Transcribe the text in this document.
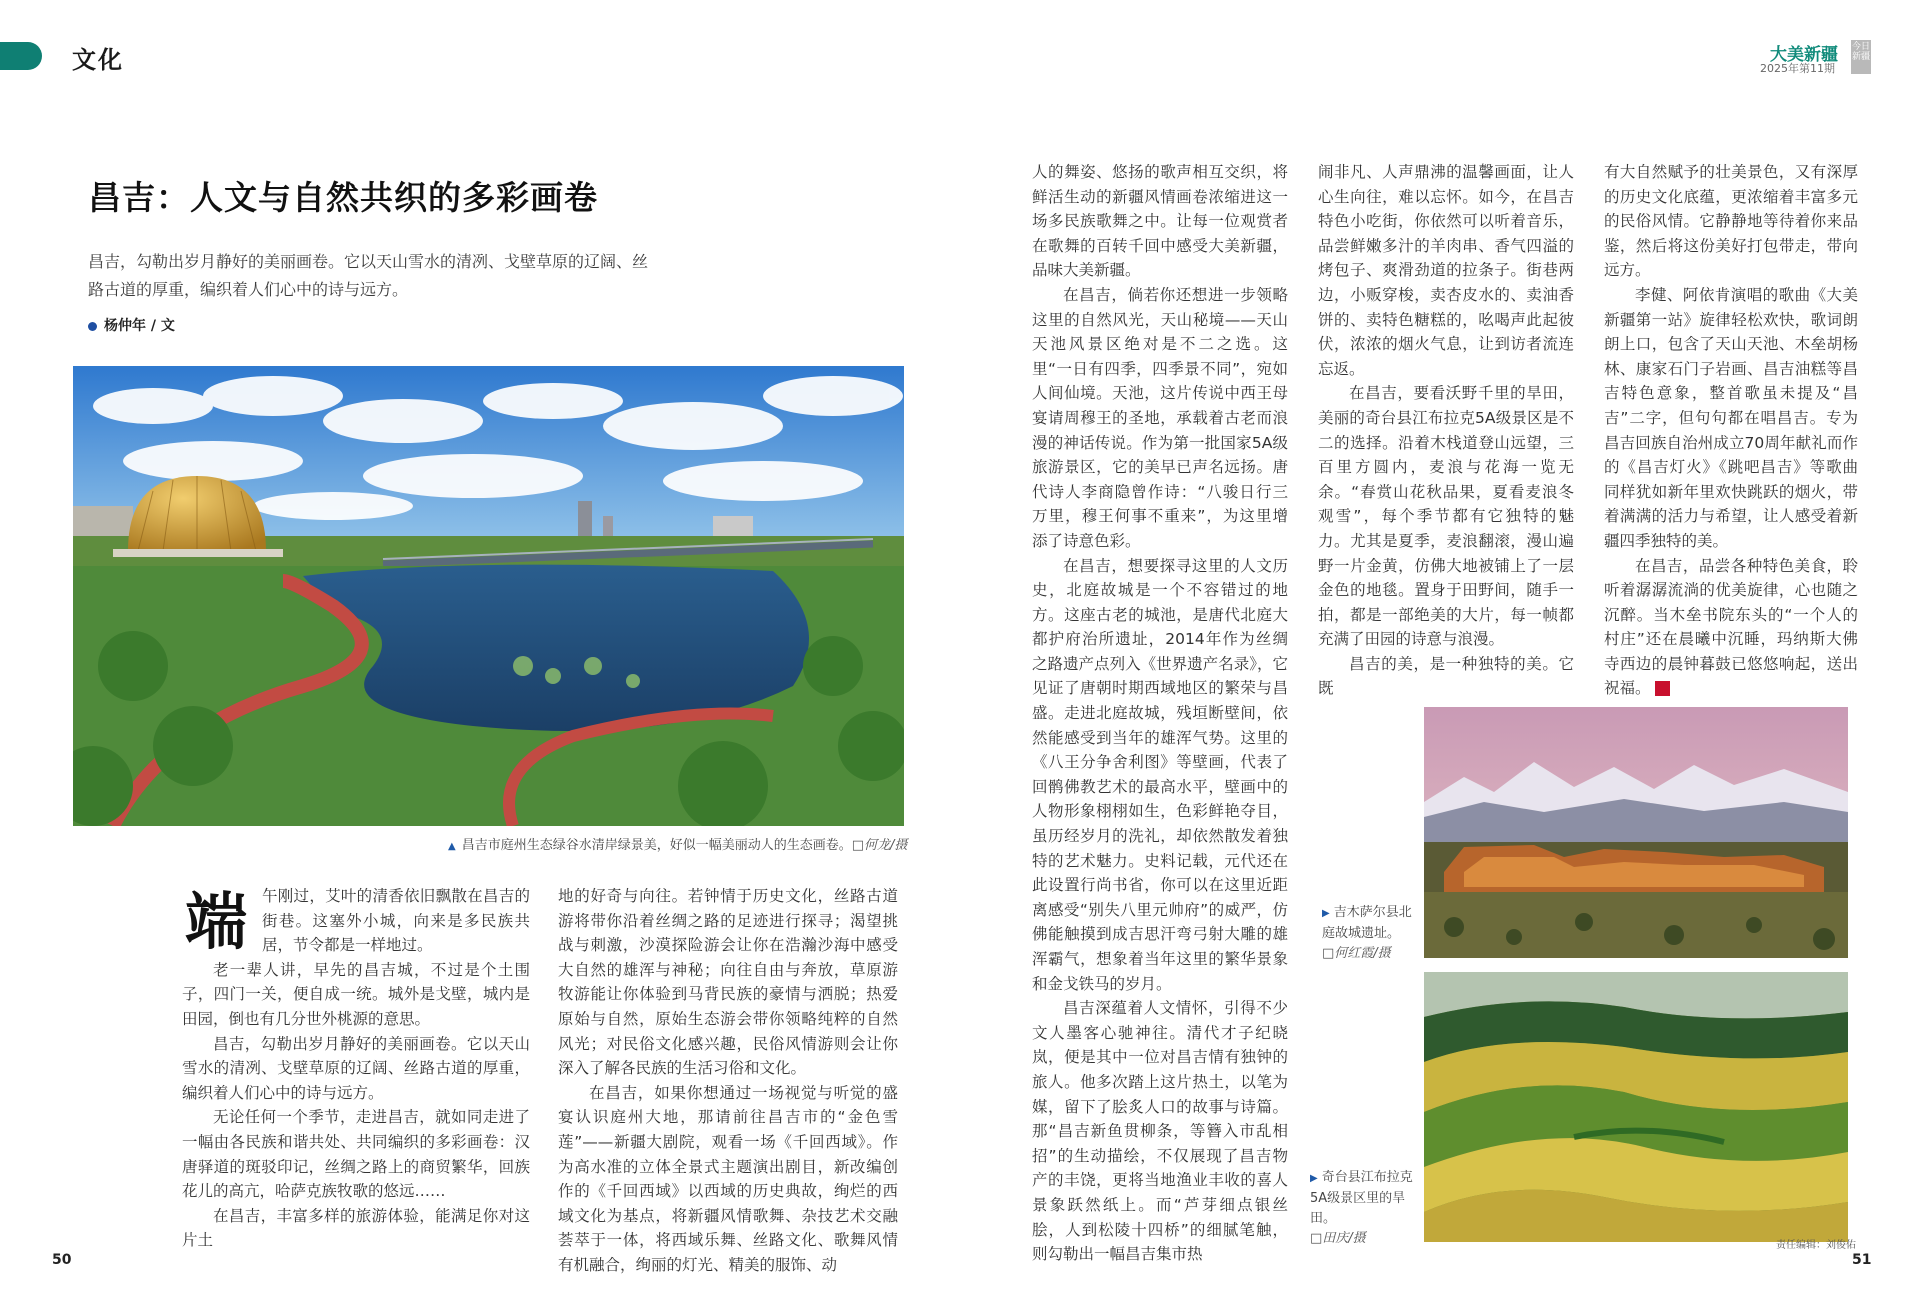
文化	大美新疆
2025年第11期
今日新疆
昌吉：人文与自然共织的多彩画卷
昌吉，勾勒出岁月静好的美丽画卷。它以天山雪水的清冽、戈壁草原的辽阔、丝路古道的厚重，编织着人们心中的诗与远方。
杨仲年 / 文
▲ 昌吉市庭州生态绿谷水清岸绿景美，好似一幅美丽动人的生态画卷。□何龙/摄
▶ 吉木萨尔县北庭故城遗址。
□何红霞/摄
▶ 奇台县江布拉克5A级景区里的旱田。
□田庆/摄
端 午刚过，艾叶的清香依旧飘散在昌吉的街巷。这塞外小城，向来是多民族共居，节令都是一样地过。

老一辈人讲，早先的昌吉城，不过是个土围子，四门一关，便自成一统。城外是戈壁，城内是田园，倒也有几分世外桃源的意思。

昌吉，勾勒出岁月静好的美丽画卷。它以天山雪水的清冽、戈壁草原的辽阔、丝路古道的厚重，编织着人们心中的诗与远方。

无论任何一个季节，走进昌吉，就如同走进了一幅由各民族和谐共处、共同编织的多彩画卷：汉唐驿道的斑驳印记，丝绸之路上的商贸繁华，回族花儿的高亢，哈萨克族牧歌的悠远……

在昌吉，丰富多样的旅游体验，能满足你对这片土

地的好奇与向往。若钟情于历史文化，丝路古道游将带你沿着丝绸之路的足迹进行探寻；渴望挑战与刺激，沙漠探险游会让你在浩瀚沙海中感受大自然的雄浑与神秘；向往自由与奔放，草原游牧游能让你体验到马背民族的豪情与洒脱；热爱原始与自然，原始生态游会带你领略纯粹的自然风光；对民俗文化感兴趣，民俗风情游则会让你深入了解各民族的生活习俗和文化。

在昌吉，如果你想通过一场视觉与听觉的盛宴认识庭州大地，那请前往昌吉市的“金色雪莲”——新疆大剧院，观看一场《千回西域》。作为高水准的立体全景式主题演出剧目，新改编创作的《千回西域》以西域的历史典故，绚烂的西域文化为基点，将新疆风情歌舞、杂技艺术交融荟萃于一体，将西域乐舞、丝路文化、歌舞风情有机融合，绚丽的灯光、精美的服饰、动

人的舞姿、悠扬的歌声相互交织，将鲜活生动的新疆风情画卷浓缩进这一场多民族歌舞之中。让每一位观赏者在歌舞的百转千回中感受大美新疆，品味大美新疆。

在昌吉，倘若你还想进一步领略这里的自然风光，天山秘境——天山天池风景区绝对是不二之选。这里“一日有四季，四季景不同”，宛如人间仙境。天池，这片传说中西王母宴请周穆王的圣地，承载着古老而浪漫的神话传说。作为第一批国家5A级旅游景区，它的美早已声名远扬。唐代诗人李商隐曾作诗：“八骏日行三万里，穆王何事不重来”，为这里增添了诗意色彩。

在昌吉，想要探寻这里的人文历史，北庭故城是一个不容错过的地方。这座古老的城池，是唐代北庭大都护府治所遗址，2014年作为丝绸之路遗产点列入《世界遗产名录》，它见证了唐朝时期西域地区的繁荣与昌盛。走进北庭故城，残垣断壁间，依然能感受到当年的雄浑气势。这里的《八王分争舍利图》等壁画，代表了回鹘佛教艺术的最高水平，壁画中的人物形象栩栩如生，色彩鲜艳夺目，虽历经岁月的洗礼，却依然散发着独特的艺术魅力。史料记载，元代还在此设置行尚书省，你可以在这里近距离感受“别失八里元帅府”的威严，仿佛能触摸到成吉思汗弯弓射大雕的雄浑霸气，想象着当年这里的繁华景象和金戈铁马的岁月。

昌吉深蕴着人文情怀，引得不少文人墨客心驰神往。清代才子纪晓岚，便是其中一位对昌吉情有独钟的旅人。他多次踏上这片热土，以笔为媒，留下了脍炙人口的故事与诗篇。那“昌吉新鱼贯柳条，等簪入市乱相招”的生动描绘，不仅展现了昌吉物产的丰饶，更将当地渔业丰收的喜人景象跃然纸上。而“芦芽细点银丝脍，人到松陵十四桥”的细腻笔触，则勾勒出一幅昌吉集市热

闹非凡、人声鼎沸的温馨画面，让人心生向往，难以忘怀。如今，在昌吉特色小吃街，你依然可以听着音乐，品尝鲜嫩多汁的羊肉串、香气四溢的烤包子、爽滑劲道的拉条子。街巷两边，小贩穿梭，卖杏皮水的、卖油香饼的、卖特色糖糕的，吆喝声此起彼伏，浓浓的烟火气息，让到访者流连忘返。

在昌吉，要看沃野千里的旱田，美丽的奇台县江布拉克5A级景区是不二的选择。沿着木栈道登山远望，三百里方圆内，麦浪与花海一览无余。“春赏山花秋品果，夏看麦浪冬观雪”，每个季节都有它独特的魅力。尤其是夏季，麦浪翻滚，漫山遍野一片金黄，仿佛大地被铺上了一层金色的地毯。置身于田野间，随手一拍，都是一部绝美的大片，每一帧都充满了田园的诗意与浪漫。

昌吉的美，是一种独特的美。它既

有大自然赋予的壮美景色，又有深厚的历史文化底蕴，更浓缩着丰富多元的民俗风情。它静静地等待着你来品鉴，然后将这份美好打包带走，带向远方。

李健、阿依肯演唱的歌曲《大美新疆第一站》旋律轻松欢快，歌词朗朗上口，包含了天山天池、木垒胡杨林、康家石门子岩画、昌吉油糕等昌吉特色意象，整首歌虽未提及“昌吉”二字，但句句都在唱昌吉。专为昌吉回族自治州成立70周年献礼而作的《昌吉灯火》《跳吧昌吉》等歌曲同样犹如新年里欢快跳跃的烟火，带着满满的活力与希望，让人感受着新疆四季独特的美。

在昌吉，品尝各种特色美食，聆听着潺潺流淌的优美旋律，心也随之沉醉。当木垒书院东头的“一个人的村庄”还在晨曦中沉睡，玛纳斯大佛寺西边的晨钟暮鼓已悠悠响起，送出祝福。	J

50	51
责任编辑：刘俊佑
